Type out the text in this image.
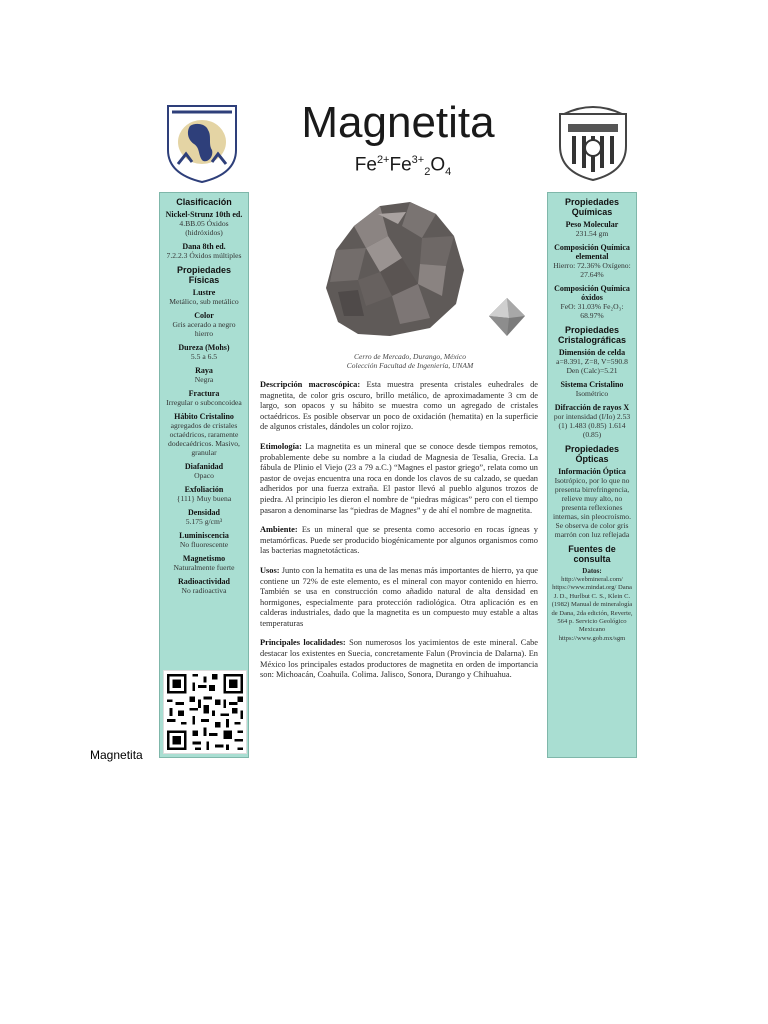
Magnetita
Magnetita
$Fe^{2+}Fe^{3+}_2O_4$
Cerro de Mercado, Durango, México
Colección Facultad de Ingeniería, UNAM
Clasificación
Nickel-Strunz 10th ed.
4.BB.05 Óxidos (hidróxidos)
Dana 8th ed.
7.2.2.3 Óxidos múltiples
Propiedades Físicas
Lustre
Metálico, sub metálico
Color
Gris acerado a negro hierro
Dureza (Mohs)
5.5 a 6.5
Raya
Negra
Fractura
Irregular o subconcoidea
Hábito Cristalino
agregados de cristales octaédricos, raramente dodecaédricos. Masivo, granular
Diafanidad
Opaco
Exfoliación
{111} Muy buena
Densidad
5.175 g/cm³
Luminiscencia
No fluorescente
Magnetismo
Naturalmente fuerte
Radioactividad
No radioactiva
Propiedades Químicas
Peso Molecular
231.54 gm
Composición Química elemental
Hierro: 72.36% Oxígeno: 27.64%
Composición Química óxidos
FeO: 31.03% Fe₂O₃: 68.97%
Propiedades Cristalográficas
Dimensión de celda
a=8.391, Z=8, V=590.8 Den (Calc)=5.21
Sistema Cristalino
Isométrico
Difracción de rayos X
por intensidad (I/Io) 2.53 (1) 1.483 (0.85) 1.614 (0.85)
Propiedades Ópticas
Información Óptica
Isotrópico, por lo que no presenta birrefringencia, relieve muy alto, no presenta reflexiones internas, sin pleocroísmo. Se observa de color gris marrón con luz reflejada
Fuentes de consulta
Datos:
http://webmineral.com/ https://www.mindat.org/ Dana J. D., Hurlbut C. S., Klein C. (1982) Manual de mineralogía de Dana, 2da edición, Reverte, 564 p. Servicio Geológico Mexicano https://www.gob.mx/sgm

Descripción macroscópica: Esta muestra presenta cristales euhedrales de magnetita, de color gris oscuro, brillo metálico, de aproximadamente 3 cm de largo, son opacos y su hábito se muestra como un agregado de cristales octaédricos. Es posible observar un poco de oxidación (hematita) en la superficie de algunos cristales, dándoles un color rojizo.

Etimología: La magnetita es un mineral que se conoce desde tiempos remotos, probablemente debe su nombre a la ciudad de Magnesia de Tesalia, Grecia. La fábula de Plinio el Viejo (23 a 79 a.C.) “Magnes el pastor griego”, relata como un pastor de ovejas encuentra una roca en donde los clavos de su calzado, se quedan adheridos por una fuerza extraña. El pastor llevó al pueblo algunos trozos de piedra. Al principio les dieron el nombre de “piedras mágicas” pero con el tiempo pasaron a denominarse las “piedras de Magnes” y de ahí el nombre de magnetita.

Ambiente: Es un mineral que se presenta como accesorio en rocas ígneas y metamórficas. Puede ser producido biogénicamente por algunos organismos como las bacterias magnetotácticas.

Usos: Junto con la hematita es una de las menas más importantes de hierro, ya que contiene un 72% de este elemento, es el mineral con mayor contenido en hierro. También se usa en construcción como añadido natural de alta densidad en hormigones, especialmente para protección radiológica. Otra aplicación es en calderas industriales, dado que la magnetita es un compuesto muy estable a altas temperaturas

Principales localidades: Son numerosos los yacimientos de este mineral. Cabe destacar los existentes en Suecia, concretamente Falun (Provincia de Dalarna). En México los principales estados productores de magnetita en orden de importancia son: Michoacán, Coahuila. Colima. Jalisco, Sonora, Durango y Chihuahua.
